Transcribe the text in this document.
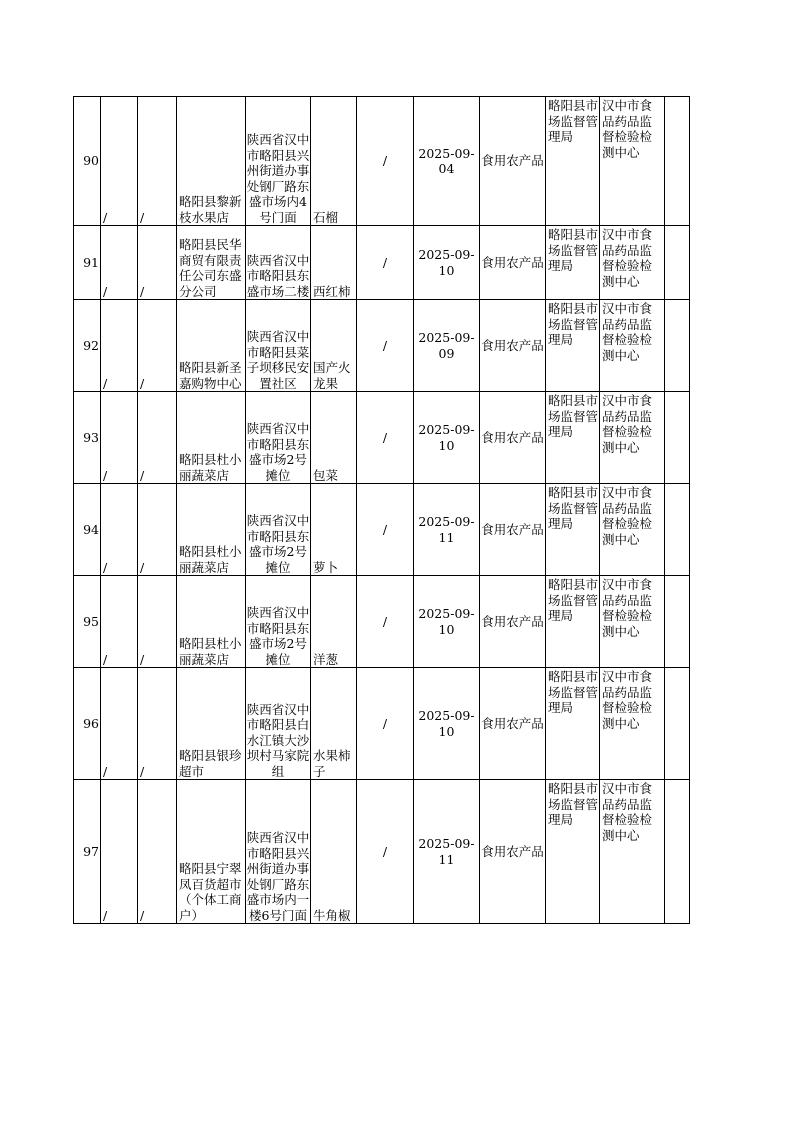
90	/	/	略阳县黎新枝水果店	陕西省汉中市略阳县兴州街道办事处钢厂路东盛市场内4号门面	石榴	/	2025-09-04	食用农产品	略阳县市场监督管理局	汉中市食品药品监督检验检测中心	
91	/	/	略阳县民华商贸有限责任公司东盛分公司	陕西省汉中市略阳县东盛市场二楼	西红柿	/	2025-09-10	食用农产品	略阳县市场监督管理局	汉中市食品药品监督检验检测中心	
92	/	/	略阳县新圣嘉购物中心	陕西省汉中市略阳县菜子坝移民安置社区	国产火龙果	/	2025-09-09	食用农产品	略阳县市场监督管理局	汉中市食品药品监督检验检测中心	
93	/	/	略阳县杜小丽蔬菜店	陕西省汉中市略阳县东盛市场2号摊位	包菜	/	2025-09-10	食用农产品	略阳县市场监督管理局	汉中市食品药品监督检验检测中心	
94	/	/	略阳县杜小丽蔬菜店	陕西省汉中市略阳县东盛市场2号摊位	萝卜	/	2025-09-11	食用农产品	略阳县市场监督管理局	汉中市食品药品监督检验检测中心	
95	/	/	略阳县杜小丽蔬菜店	陕西省汉中市略阳县东盛市场2号摊位	洋葱	/	2025-09-10	食用农产品	略阳县市场监督管理局	汉中市食品药品监督检验检测中心	
96	/	/	略阳县银珍超市	陕西省汉中市略阳县白水江镇大沙坝村马家院组	水果柿子	/	2025-09-10	食用农产品	略阳县市场监督管理局	汉中市食品药品监督检验检测中心	
97	/	/	略阳县宁翠凤百货超市（个体工商户）	陕西省汉中市略阳县兴州街道办事处钢厂路东盛市场内一楼6号门面	牛角椒	/	2025-09-11	食用农产品	略阳县市场监督管理局	汉中市食品药品监督检验检测中心	
